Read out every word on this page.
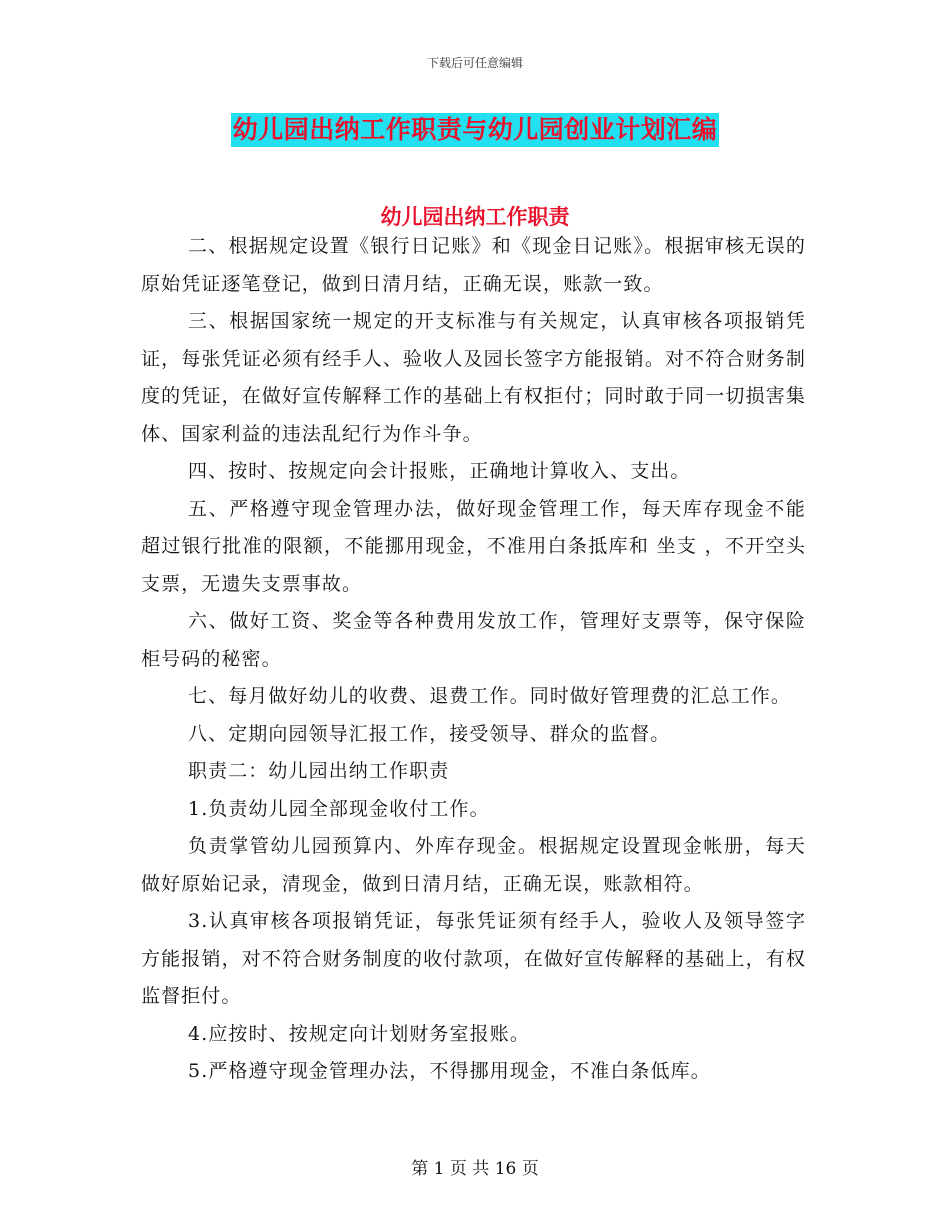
下载后可任意编辑
幼儿园出纳工作职责与幼儿园创业计划汇编
幼儿园出纳工作职责

二、根据规定设置《银行日记账》和《现金日记账》。根据审核无误的原始凭证逐笔登记，做到日清月结，正确无误，账款一致。

三、根据国家统一规定的开支标准与有关规定，认真审核各项报销凭证，每张凭证必须有经手人、验收人及园长签字方能报销。对不符合财务制度的凭证，在做好宣传解释工作的基础上有权拒付；同时敢于同一切损害集体、国家利益的违法乱纪行为作斗争。

四、按时、按规定向会计报账，正确地计算收入、支出。

五、严格遵守现金管理办法，做好现金管理工作，每天库存现金不能超过银行批准的限额，不能挪用现金，不准用白条抵库和 坐支 ，不开空头支票，无遗失支票事故。

六、做好工资、奖金等各种费用发放工作，管理好支票等，保守保险柜号码的秘密。

七、每月做好幼儿的收费、退费工作。同时做好管理费的汇总工作。

八、定期向园领导汇报工作，接受领导、群众的监督。

职责二：幼儿园出纳工作职责

1.负责幼儿园全部现金收付工作。

负责掌管幼儿园预算内、外库存现金。根据规定设置现金帐册，每天做好原始记录，清现金，做到日清月结，正确无误，账款相符。

3.认真审核各项报销凭证，每张凭证须有经手人，验收人及领导签字方能报销，对不符合财务制度的收付款项，在做好宣传解释的基础上，有权监督拒付。

4.应按时、按规定向计划财务室报账。

5.严格遵守现金管理办法，不得挪用现金，不准白条低库。

第 1 页 共 16 页
